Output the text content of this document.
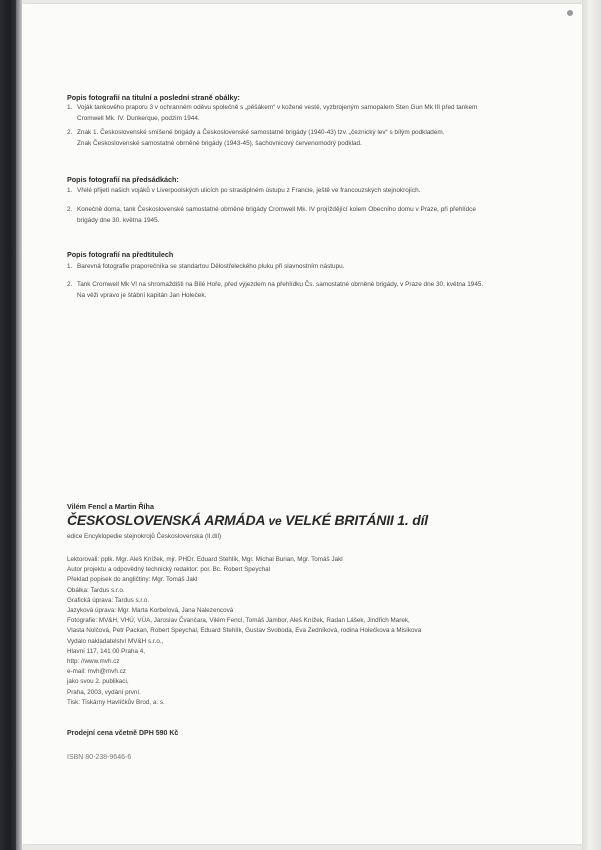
Popis fotografií na titulní a poslední straně obálky:
1. Voják tankového praporu 3 v ochranném oděvu společně s „pěšákem“ v kožené vestě, vyzbrojeným samopalem Sten Gun Mk III před tankem
Cromwell Mk. IV. Dunkerque, podzim 1944.
2. Znak 1. Československé smíšené brigády a Československé samostatné brigády (1940-43) tzv. „čeznický lev“ s bílým podkladem.
Znak Československé samostatné obrněné brigády (1943-45), šachovnicový červenomodrý podklad.
Popis fotografií na předsádkách:
1. Vřelé přijetí našich vojáků v Liverpoolských ulicích po strastiplném ústupu z Francie, ještě ve francouzských stejnokrojích.
2. Konečně doma, tank Československé samostatné obrněné brigády Cromwell Mk. IV projíždějící kolem Obecního domu v Praze, při přehlídce
brigády dne 30. května 1945.
Popis fotografií na předtitulech
1. Barevná fotografie praporečníka se standartou Dělostřeleckého pluku při slavnostním nástupu.
2. Tank Cromwell Mk VI na shromaždišti na Bílé Hoře, před výjezdem na přehlídku Čs. samostatné obrněné brigády, v Praze dne 30. května 1945.
Na věži vpravo je štábní kapitán Jan Holeček.
Vilém Fencl a Martin Říha
ČESKOSLOVENSKÁ ARMÁDA ve VELKÉ BRITÁNII 1. díl
edice Encyklopedie stejnokrojů Československa (II.díl)
Lektorovali: pplk. Mgr. Aleš Knížek, mjr. PHDr. Eduard Stehlík, Mgr. Michal Burian, Mgr. Tomáš Jakl
Autor projektu a odpovědný technický redaktor: por. Bc. Robert Speychal
Překlad popisek do angličtiny: Mgr. Tomáš Jakl
Obálka: Tardus s.r.o.
Grafická úprava: Tardus s.r.o.
Jazyková úprava: Mgr. Marta Korbelová, Jana Nalezencová
Fotografie: MV&H, VHÚ, VÚA, Jaroslav Čvančara, Vilém Fencl, Tomáš Jambor, Aleš Knížek, Radan Lášek, Jindřich Marek,
Vlasta Nolčová, Petr Packan, Robert Speychal, Eduard Stehlík, Gustav Svoboda, Eva Zedníková, rodina Holečkova a Misíkova
Vydalo nakladatelství MV&H s.r.o.,
Hlavní 117, 141 00 Praha 4,
http: //www.mvh.cz
e-mail: mvh@mvh.cz
jako svou 2. publikaci,
Praha, 2003, vydání první.
Tisk: Tiskárny Havlíčkův Brod, a. s.
Prodejní cena včetně DPH 590 Kč
ISBN 80-238-9646-6
